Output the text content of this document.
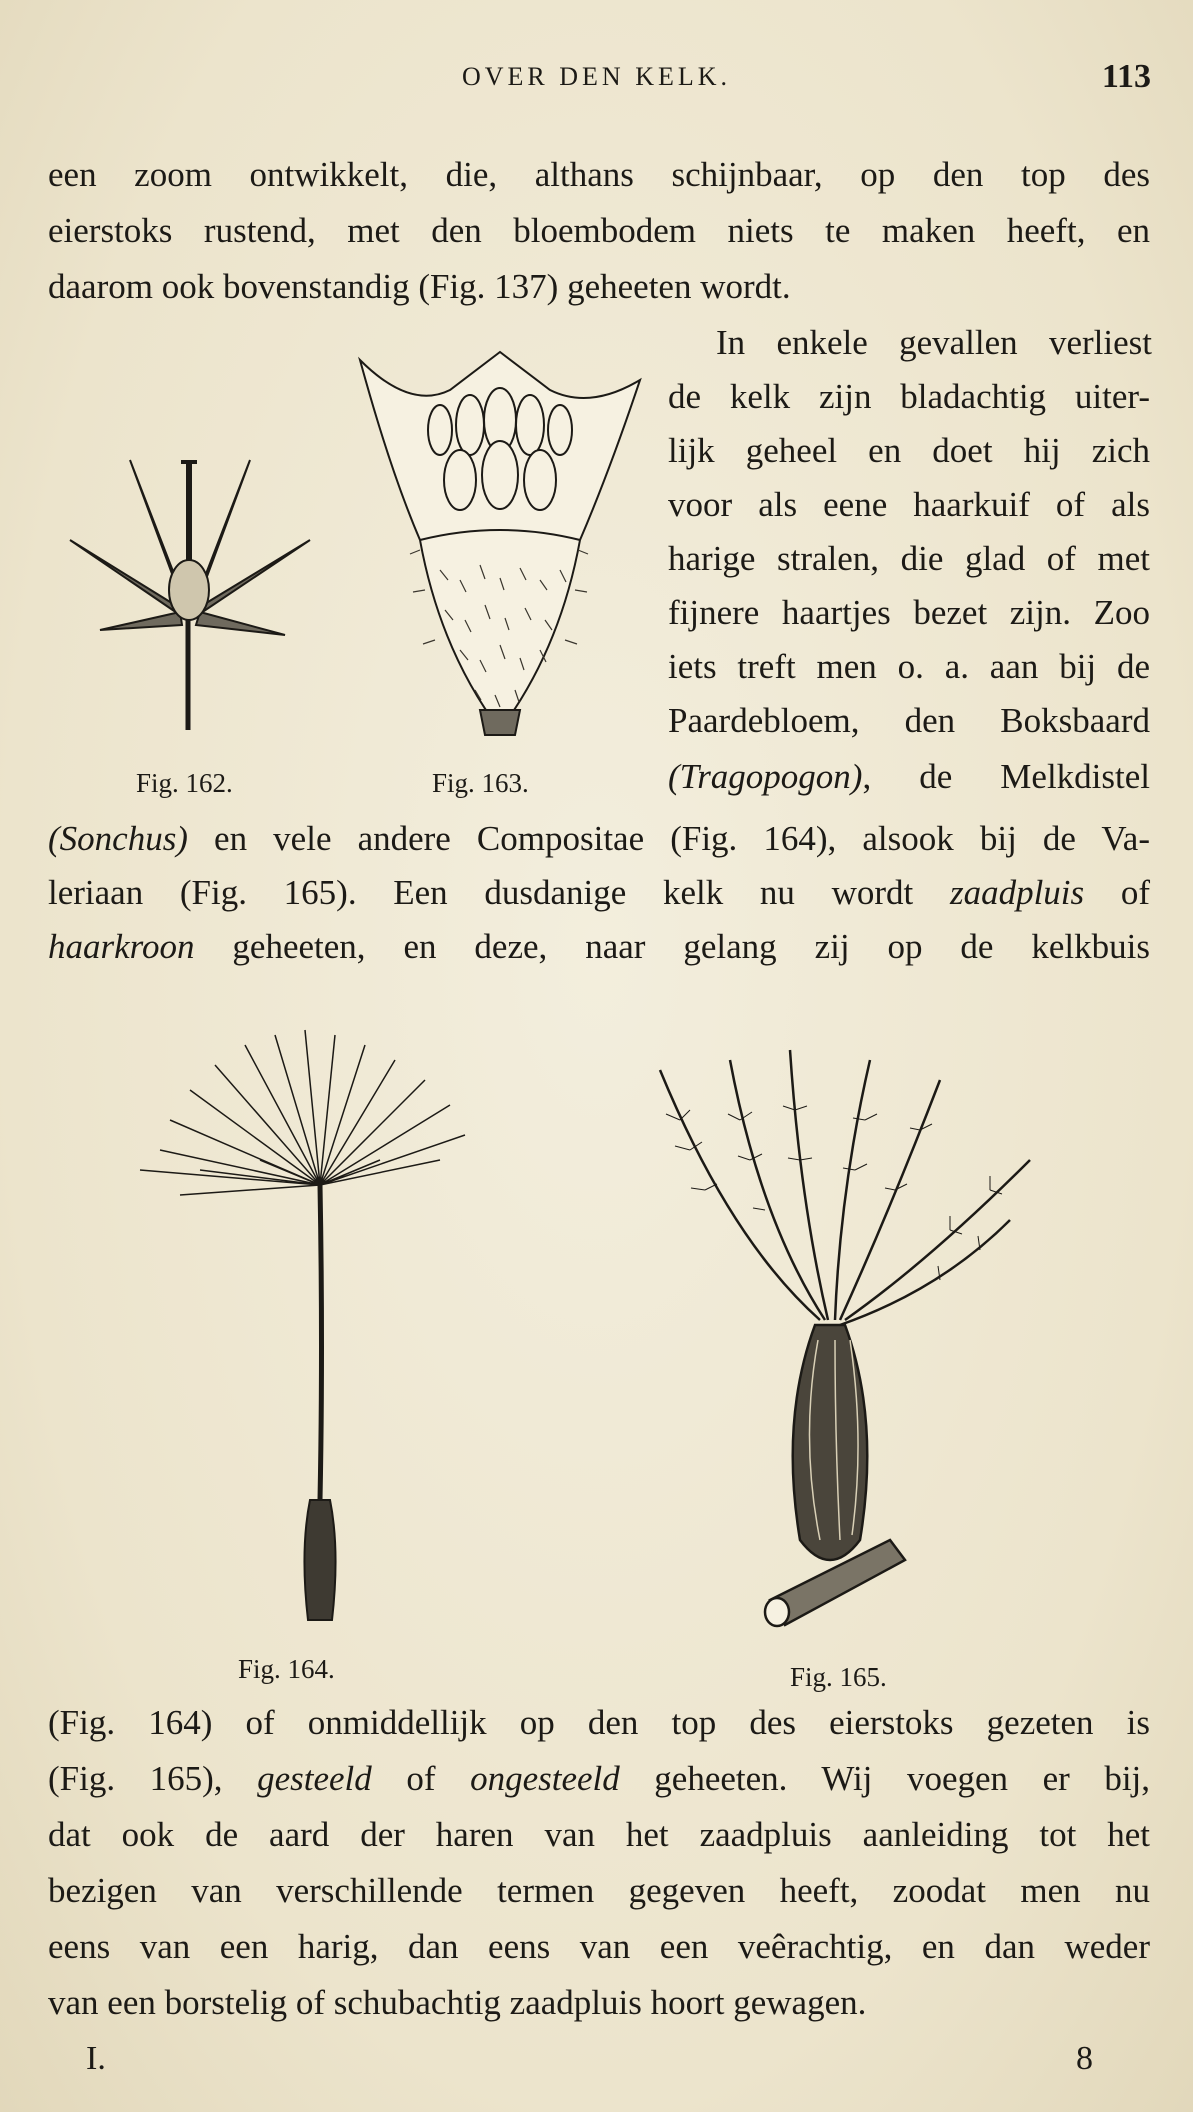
OVER DEN KELK.	113
een zoom ontwikkelt, die, althans schijnbaar, op den top des
eierstoks rustend, met den bloembodem niets te maken heeft, en
daarom ook bovenstandig (Fig. 137) geheeten wordt.
In enkele gevallen verliest
de kelk zijn bladachtig uiter-
lijk geheel en doet hij zich
voor als eene haarkuif of als
harige stralen, die glad of met
fijnere haartjes bezet zijn. Zoo
iets treft men o. a. aan bij de
Paardebloem, den Boksbaard
(Tragopogon), de Melkdistel
Fig. 162.	Fig. 163.
(Sonchus) en vele andere Compositae (Fig. 164), alsook bij de Va-
leriaan (Fig. 165). Een dusdanige kelk nu wordt zaadpluis of
haarkroon geheeten, en deze, naar gelang zij op de kelkbuis
Fig. 164.	Fig. 165.
(Fig. 164) of onmiddellijk op den top des eierstoks gezeten is
(Fig. 165), gesteeld of ongesteeld geheeten. Wij voegen er bij,
dat ook de aard der haren van het zaadpluis aanleiding tot het
bezigen van verschillende termen gegeven heeft, zoodat men nu
eens van een harig, dan eens van een veêrachtig, en dan weder
van een borstelig of schubachtig zaadpluis hoort gewagen.
I.	8
